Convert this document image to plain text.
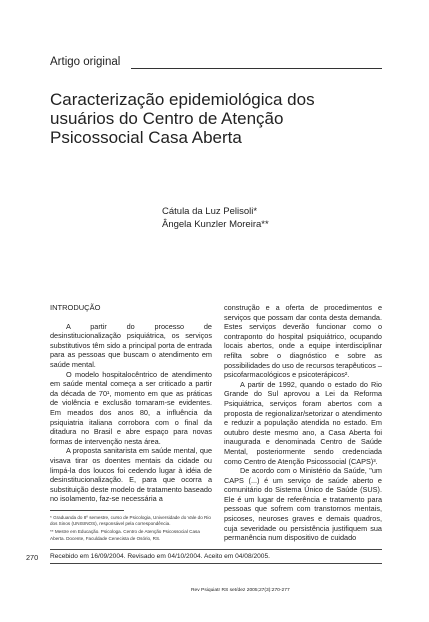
Artigo original
Caracterização epidemiológica dos usuários do Centro de Atenção Psicossocial Casa Aberta
Cátula da Luz Pelisoli*
Ângela Kunzler Moreira**

INTRODUÇÃO

A partir do processo de desinstitucionalização psiquiátrica, os serviços substitutivos têm sido a principal porta de entrada para as pessoas que buscam o atendimento em saúde mental.

O modelo hospitalocêntrico de atendimento em saúde mental começa a ser criticado a partir da década de 70¹, momento em que as práticas de violência e exclusão tornaram-se evidentes. Em meados dos anos 80, a influência da psiquiatria italiana corrobora com o final da ditadura no Brasil e abre espaço para novas formas de intervenção nesta área.

A proposta sanitarista em saúde mental, que visava tirar os doentes mentais da cidade ou limpá-la dos loucos foi cedendo lugar à idéia de desinstitucionalização. E, para que ocorra a substituição deste modelo de tratamento baseado no isolamento, faz-se necessária a

construção e a oferta de procedimentos e serviços que possam dar conta desta demanda. Estes serviços deverão funcionar como o contraponto do hospital psiquiátrico, ocupando locais abertos, onde a equipe interdisciplinar refilta sobre o diagnóstico e sobre as possibilidades do uso de recursos terapêuticos – psicofarmacológicos e psicoterápicos².

A partir de 1992, quando o estado do Rio Grande do Sul aprovou a Lei da Reforma Psiquiátrica, serviços foram abertos com a proposta de regionalizar/setorizar o atendimento e reduzir a população atendida no estado. Em outubro deste mesmo ano, a Casa Aberta foi inaugurada e denominada Centro de Saúde Mental, posteriormente sendo credenciada como Centro de Atenção Psicossocial (CAPS)³.

De acordo com o Ministério da Saúde, "um CAPS (...) é um serviço de saúde aberto e comunitário do Sistema Único de Saúde (SUS). Ele é um lugar de referência e tratamento para pessoas que sofrem com transtornos mentais, psicoses, neuroses graves e demais quadros, cuja severidade ou persistência justifiquem sua permanência num dispositivo de cuidado

* Graduanda do 8º semestre, curso de Psicologia, Universidade do Vale do Rio dos Sinos (UNISINOS), responsável pela correspondência.

** Mestre em Educação. Psicologa. Centro de Atenção Psicossocial Casa Aberta. Docente, Faculdade Cenecista de Osório, RS.

270 Recebido em 16/09/2004. Revisado em 04/10/2004. Aceito em 04/08/2005.
Rev Psiquiatr RS set/dez 2005;27(3):270-277
